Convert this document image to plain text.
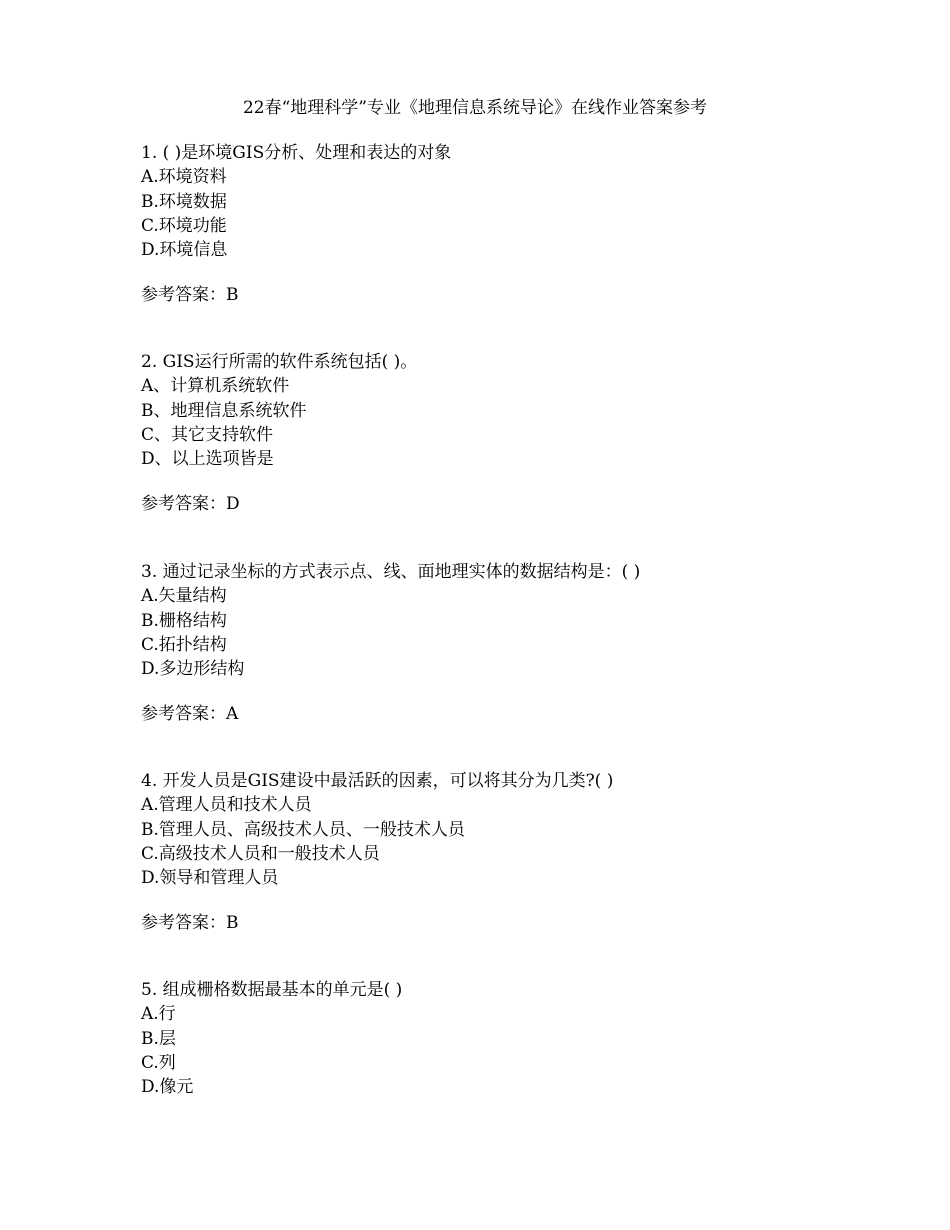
22春“地理科学”专业《地理信息系统导论》在线作业答案参考
1. ( )是环境GIS分析、处理和表达的对象
A.环境资料
B.环境数据
C.环境功能
D.环境信息
参考答案：B
2. GIS运行所需的软件系统包括( )。
A、计算机系统软件
B、地理信息系统软件
C、其它支持软件
D、以上选项皆是
参考答案：D
3. 通过记录坐标的方式表示点、线、面地理实体的数据结构是：( )
A.矢量结构
B.栅格结构
C.拓扑结构
D.多边形结构
参考答案：A
4. 开发人员是GIS建设中最活跃的因素，可以将其分为几类?( )
A.管理人员和技术人员
B.管理人员、高级技术人员、一般技术人员
C.高级技术人员和一般技术人员
D.领导和管理人员
参考答案：B
5. 组成栅格数据最基本的单元是( )
A.行
B.层
C.列
D.像元
